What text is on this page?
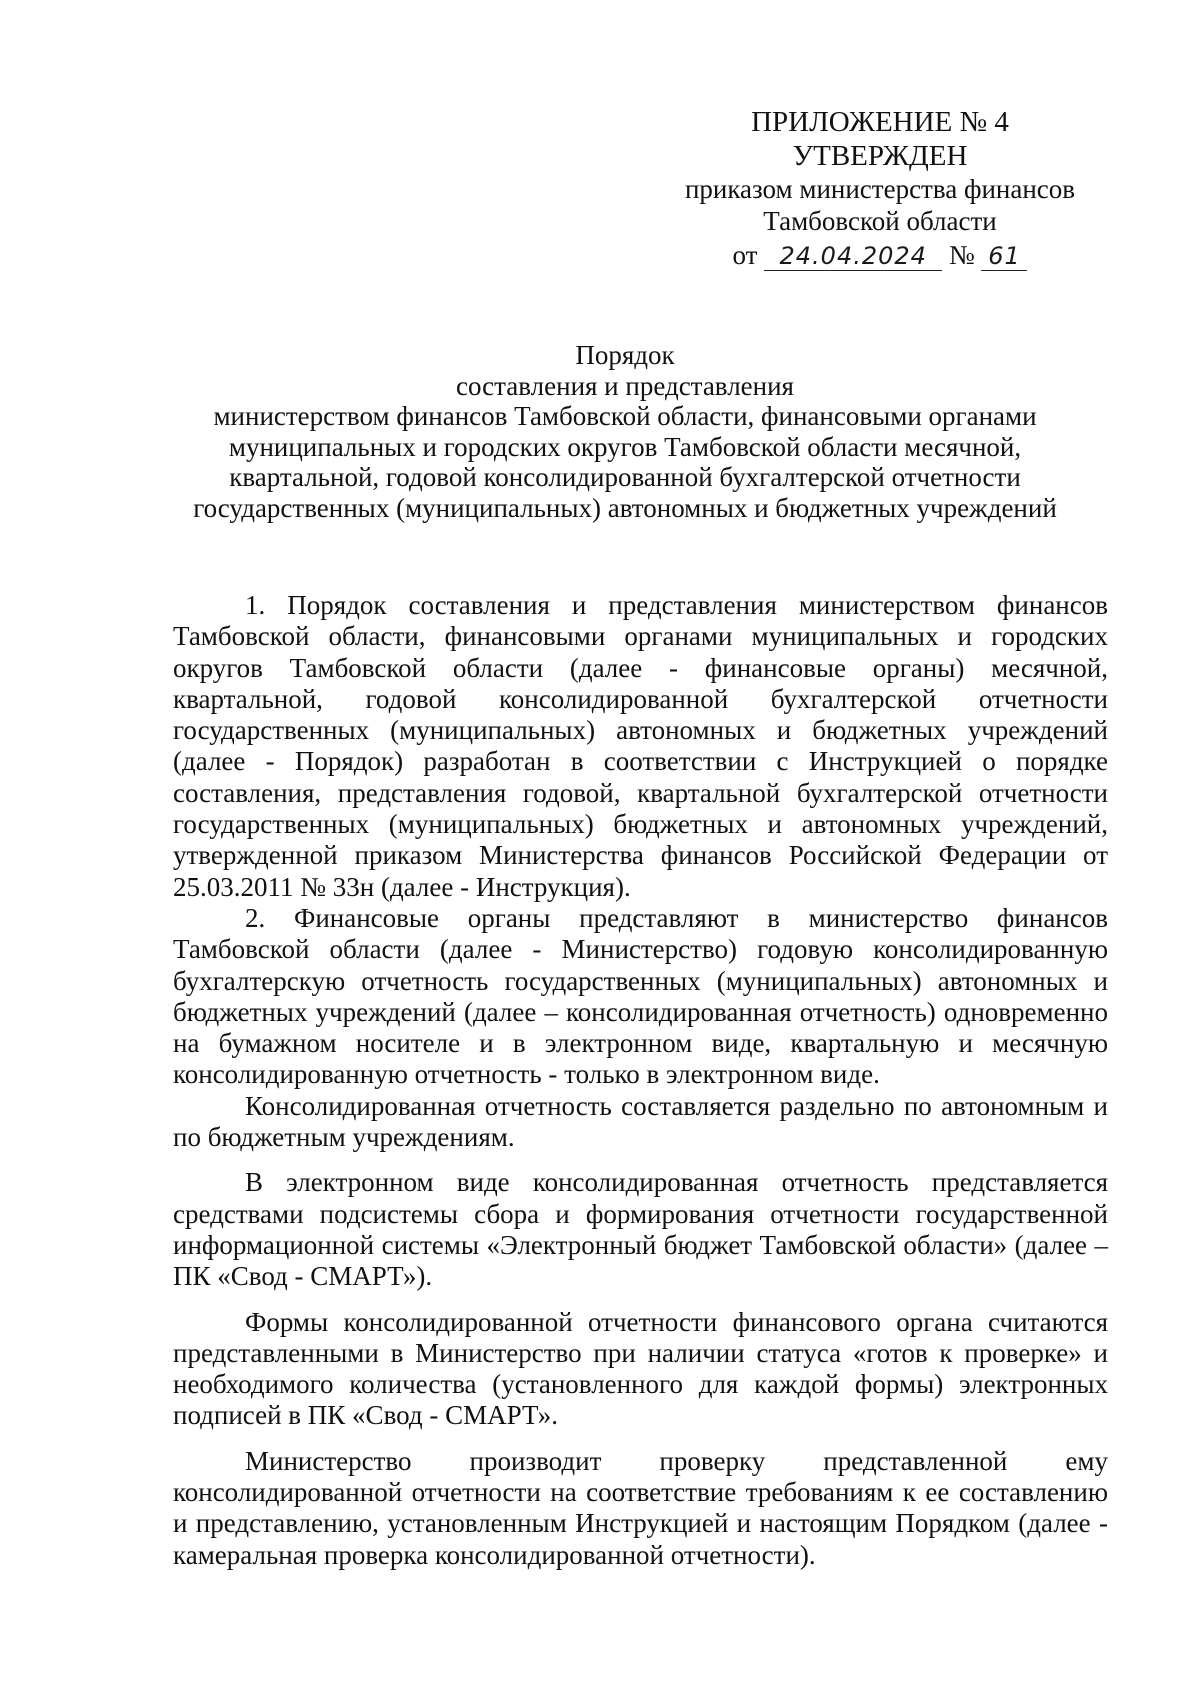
ПРИЛОЖЕНИЕ № 4
УТВЕРЖДЕН
приказом министерства финансов
Тамбовской области
от 24.04.2024 № 61
Порядок
составления и представления
министерством финансов Тамбовской области, финансовыми органами
муниципальных и городских округов Тамбовской области месячной,
квартальной, годовой консолидированной бухгалтерской отчетности
государственных (муниципальных) автономных и бюджетных учреждений

1. Порядок составления и представления министерством финансов Тамбовской области, финансовыми органами муниципальных и городских округов Тамбовской области (далее - финансовые органы) месячной, квартальной, годовой консолидированной бухгалтерской отчетности государственных (муниципальных) автономных и бюджетных учреждений (далее - Порядок) разработан в соответствии с Инструкцией о порядке составления, представления годовой, квартальной бухгалтерской отчетности государственных (муниципальных) бюджетных и автономных учреждений, утвержденной приказом Министерства финансов Российской Федерации от 25.03.2011 № 33н (далее - Инструкция).

2. Финансовые органы представляют в министерство финансов Тамбовской области (далее - Министерство) годовую консолидированную бухгалтерскую отчетность государственных (муниципальных) автономных и бюджетных учреждений (далее – консолидированная отчетность) одновременно на бумажном носителе и в электронном виде, квартальную и месячную консолидированную отчетность - только в электронном виде.

Консолидированная отчетность составляется раздельно по автономным и по бюджетным учреждениям.

В электронном виде консолидированная отчетность представляется средствами подсистемы сбора и формирования отчетности государственной информационной системы «Электронный бюджет Тамбовской области» (далее – ПК «Свод - СМАРТ»).

Формы консолидированной отчетности финансового органа считаются представленными в Министерство при наличии статуса «готов к проверке» и необходимого количества (установленного для каждой формы) электронных подписей в ПК «Свод - СМАРТ».

Министерство производит проверку представленной ему консолидированной отчетности на соответствие требованиям к ее составлению и представлению, установленным Инструкцией и настоящим Порядком (далее - камеральная проверка консолидированной отчетности).
